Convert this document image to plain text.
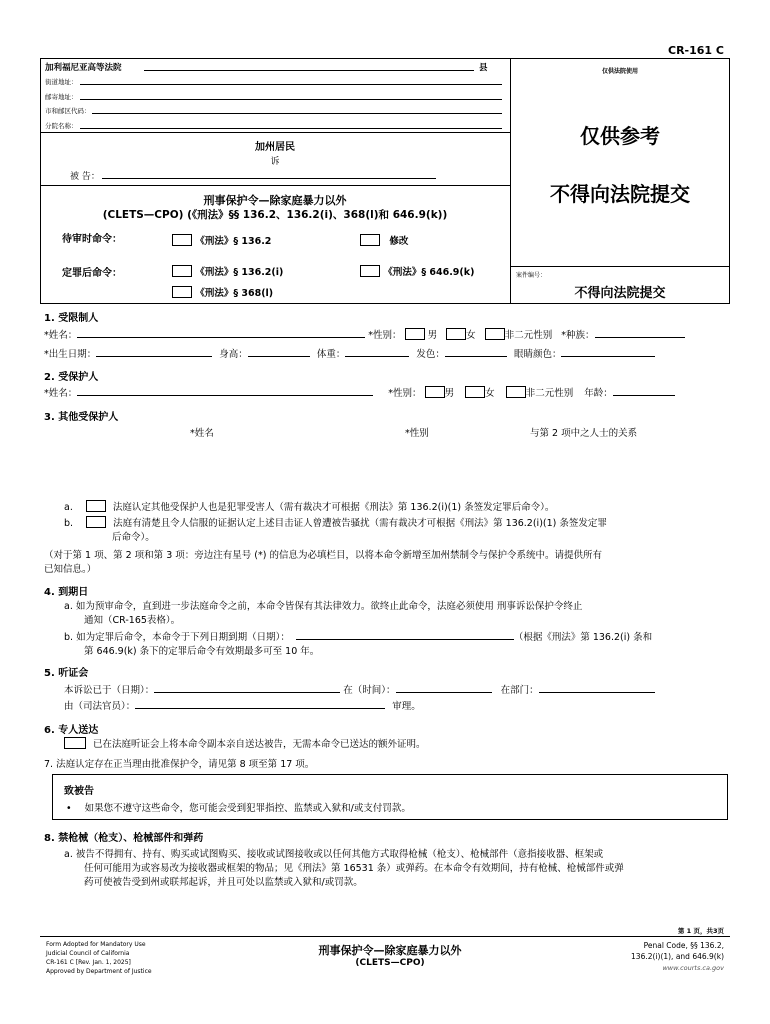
CR-161 C
加利福尼亚高等法院	县
街道地址：
邮寄地址：
市和邮区代码：
分院名称：
仅供法院使用
仅供参考
不得向法院提交
案件编号：
不得向法院提交
加州居民
诉
被 告：
刑事保护令—除家庭暴力以外
(CLETS—CPO) (《刑法》§§ 136.2、136.2(i)、368(l)和 646.9(k))
待审时命令：	《刑法》§ 136.2	修改
定罪后命令：	《刑法》§ 136.2(i)	《刑法》§ 646.9(k)
《刑法》§ 368(l)
1. 受限制人
*姓名：	*性别：	男	女	非二元性别 *种族：
*出生日期：	身高：	体重：	发色：	眼睛颜色：
2. 受保护人
*姓名：	*性别： 男	女	非二元性别 年龄：
3. 其他受保护人
*姓名	*性别	与第 2 项中之人士的关系
a.	法庭认定其他受保护人也是犯罪受害人（需有裁决才可根据《刑法》第 136.2(i)(1) 条签发定罪后命令）。
b.	法庭有清楚且令人信服的证据认定上述目击证人曾遭被告骚扰（需有裁决才可根据《刑法》第 136.2(i)(1) 条签发定罪
后命令）。
（对于第 1 项、第 2 项和第 3 项：旁边注有星号 (*) 的信息为必填栏目，以将本命令新增至加州禁制令与保护令系统中。请提供所有
已知信息。）
4. 到期日
a. 如为预审命令，直到进一步法庭命令之前，本命令皆保有其法律效力。欲终止此命令，法庭必须使用 刑事诉讼保护令终止
通知（CR-165表格）。
b. 如为定罪后命令，本命令于下列日期到期（日期）：	（根据《刑法》第 136.2(i) 条和
第 646.9(k) 条下的定罪后命令有效期最多可至 10 年。
5. 听证会
本诉讼已于（日期）：	在（时间）：	在部门：
由（司法官员）：	审理。
6. 专人送达
已在法庭听证会上将本命令副本亲自送达被告，无需本命令已送达的额外证明。
7. 法庭认定存在正当理由批准保护令，请见第 8 项至第 17 项。
致被告
• 如果您不遵守这些命令，您可能会受到犯罪指控、监禁或入狱和/或支付罚款。
8. 禁枪械（枪支）、枪械部件和弹药
a. 被告不得拥有、持有、购买或试图购买、接收或试图接收或以任何其他方式取得枪械（枪支）、枪械部件（意指接收器、框架或
任何可能用为或容易改为接收器或框架的物品；见《刑法》第 16531 条）或弹药。在本命令有效期间，持有枪械、枪械部件或弹
药可使被告受到州或联邦起诉，并且可处以监禁或入狱和/或罚款。
第 1 页，共3页
Form Adopted for Mandatory Use
Judicial Council of California
CR-161 C [Rev. Jan. 1, 2025]
Approved by Department of Justice
刑事保护令—除家庭暴力以外
(CLETS—CPO)
Penal Code, §§ 136.2,
136.2(i)(1), and 646.9(k)
www.courts.ca.gov
